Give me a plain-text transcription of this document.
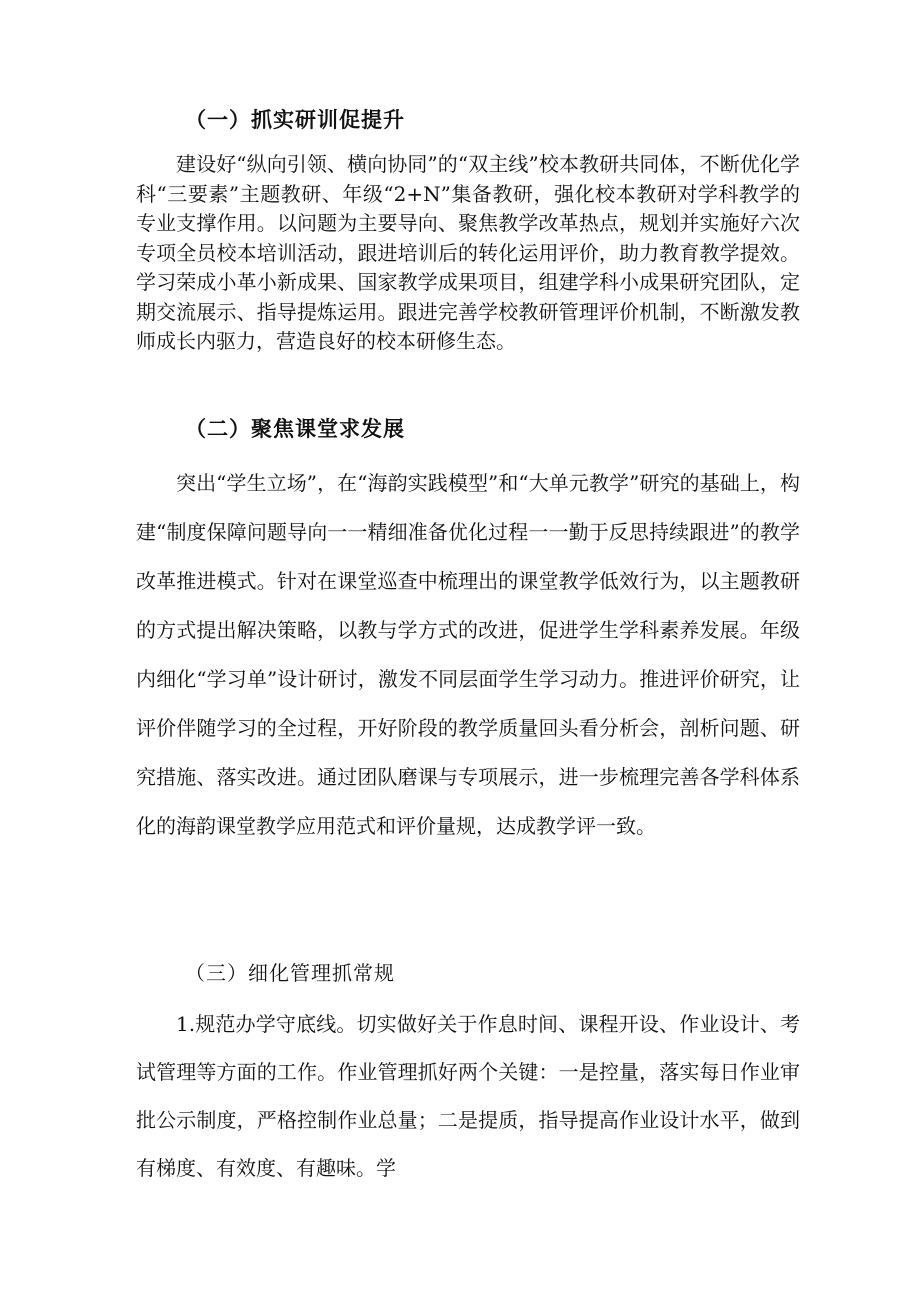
（一）抓实研训促提升
建设好“纵向引领、横向协同”的“双主线”校本教研共同体，不断优化学科“三要素”主题教研、年级“2+N”集备教研，强化校本教研对学科教学的专业支撑作用。以问题为主要导向、聚焦教学改革热点，规划并实施好六次专项全员校本培训活动，跟进培训后的转化运用评价，助力教育教学提效。学习荣成小革小新成果、国家教学成果项目，组建学科小成果研究团队，定期交流展示、指导提炼运用。跟进完善学校教研管理评价机制，不断激发教师成长内驱力，营造良好的校本研修生态。
（二）聚焦课堂求发展
突出“学生立场”，在“海韵实践模型”和“大单元教学”研究的基础上，构建“制度保障问题导向一一精细准备优化过程一一勤于反思持续跟进”的教学改革推进模式。针对在课堂巡查中梳理出的课堂教学低效行为，以主题教研的方式提出解决策略，以教与学方式的改进，促进学生学科素养发展。年级内细化“学习单”设计研讨，激发不同层面学生学习动力。推进评价研究，让评价伴随学习的全过程，开好阶段的教学质量回头看分析会，剖析问题、研究措施、落实改进。通过团队磨课与专项展示，进一步梳理完善各学科体系化的海韵课堂教学应用范式和评价量规，达成教学评一致。
（三）细化管理抓常规
1.规范办学守底线。切实做好关于作息时间、课程开设、作业设计、考试管理等方面的工作。作业管理抓好两个关键：一是控量，落实每日作业审批公示制度，严格控制作业总量；二是提质，指导提高作业设计水平，做到有梯度、有效度、有趣味。学
